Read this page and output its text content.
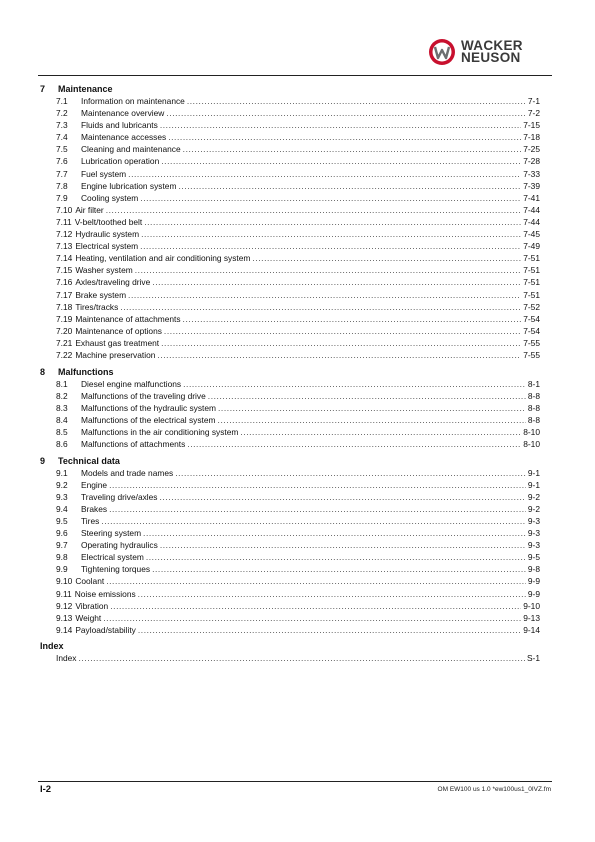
WACKER
NEUSON
7	Maintenance
7.1	Information on maintenance .....	7-1
7.2	Maintenance overview .....	7-2
7.3	Fluids and lubricants .....	7-15
7.4	Maintenance accesses .....	7-18
7.5	Cleaning and maintenance .....	7-25
7.6	Lubrication operation .....	7-28
7.7	Fuel system .....	7-33
7.8	Engine lubrication system .....	7-39
7.9	Cooling system .....	7-41
7.10 Air filter .....	7-44
7.11 V-belt/toothed belt .....	7-44
7.12 Hydraulic system .....	7-45
7.13 Electrical system .....	7-49
7.14 Heating, ventilation and air conditioning system .....	7-51
7.15 Washer system .....	7-51
7.16 Axles/traveling drive .....	7-51
7.17 Brake system .....	7-51
7.18 Tires/tracks .....	7-52
7.19 Maintenance of attachments .....	7-54
7.20 Maintenance of options .....	7-54
7.21 Exhaust gas treatment .....	7-55
7.22 Machine preservation .....	7-55
8	Malfunctions
8.1	Diesel engine malfunctions .....	8-1
8.2	Malfunctions of the traveling drive .....	8-8
8.3	Malfunctions of the hydraulic system .....	8-8
8.4	Malfunctions of the electrical system .....	8-8
8.5	Malfunctions in the air conditioning system .....	8-10
8.6	Malfunctions of attachments .....	8-10
9	Technical data
9.1	Models and trade names .....	9-1
9.2	Engine .....	9-1
9.3	Traveling drive/axles .....	9-2
9.4	Brakes .....	9-2
9.5	Tires .....	9-3
9.6	Steering system .....	9-3
9.7	Operating hydraulics .....	9-3
9.8	Electrical system .....	9-5
9.9	Tightening torques .....	9-8
9.10 Coolant .....	9-9
9.11 Noise emissions .....	9-9
9.12 Vibration .....	9-10
9.13 Weight .....	9-13
9.14 Payload/stability .....	9-14
Index
Index .....	S-1
I-2	OM EW100 us 1.0 *ew100us1_0IVZ.fm
